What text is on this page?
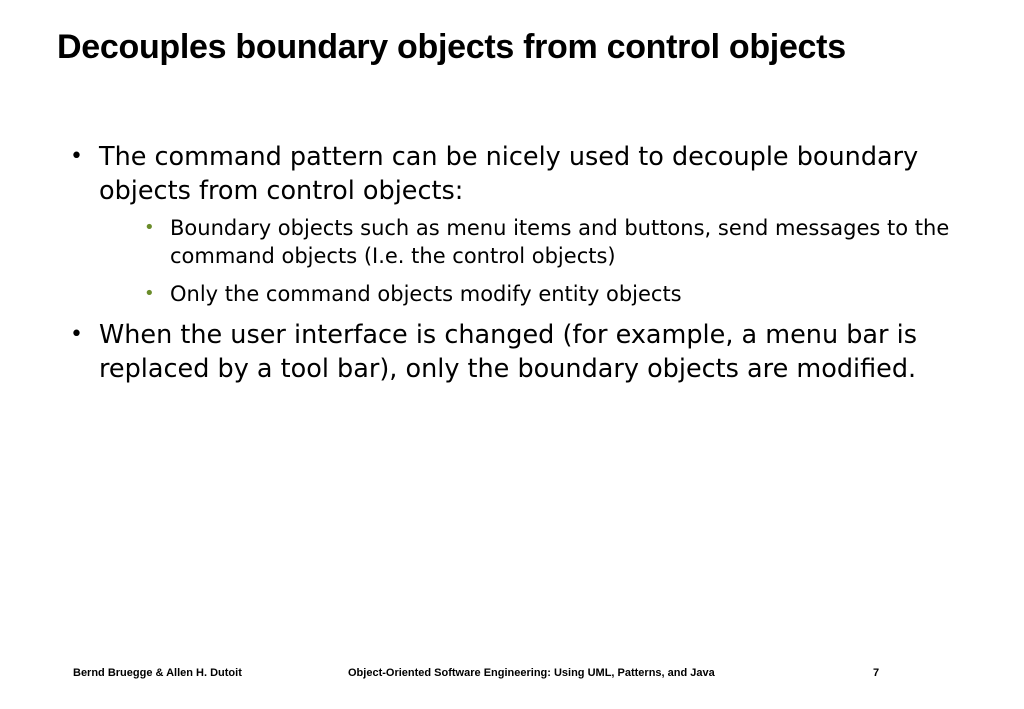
Decouples boundary objects from control objects
• The command pattern can be nicely used to decouple boundary objects from control objects:
• Boundary objects such as menu items and buttons, send messages to the command objects (I.e. the control objects)
• Only the command objects modify entity objects
• When the user interface is changed (for example, a menu bar is replaced by a tool bar), only the boundary objects are modified.
Bernd Bruegge & Allen H. Dutoit	Object-Oriented Software Engineering: Using UML, Patterns, and Java	7
